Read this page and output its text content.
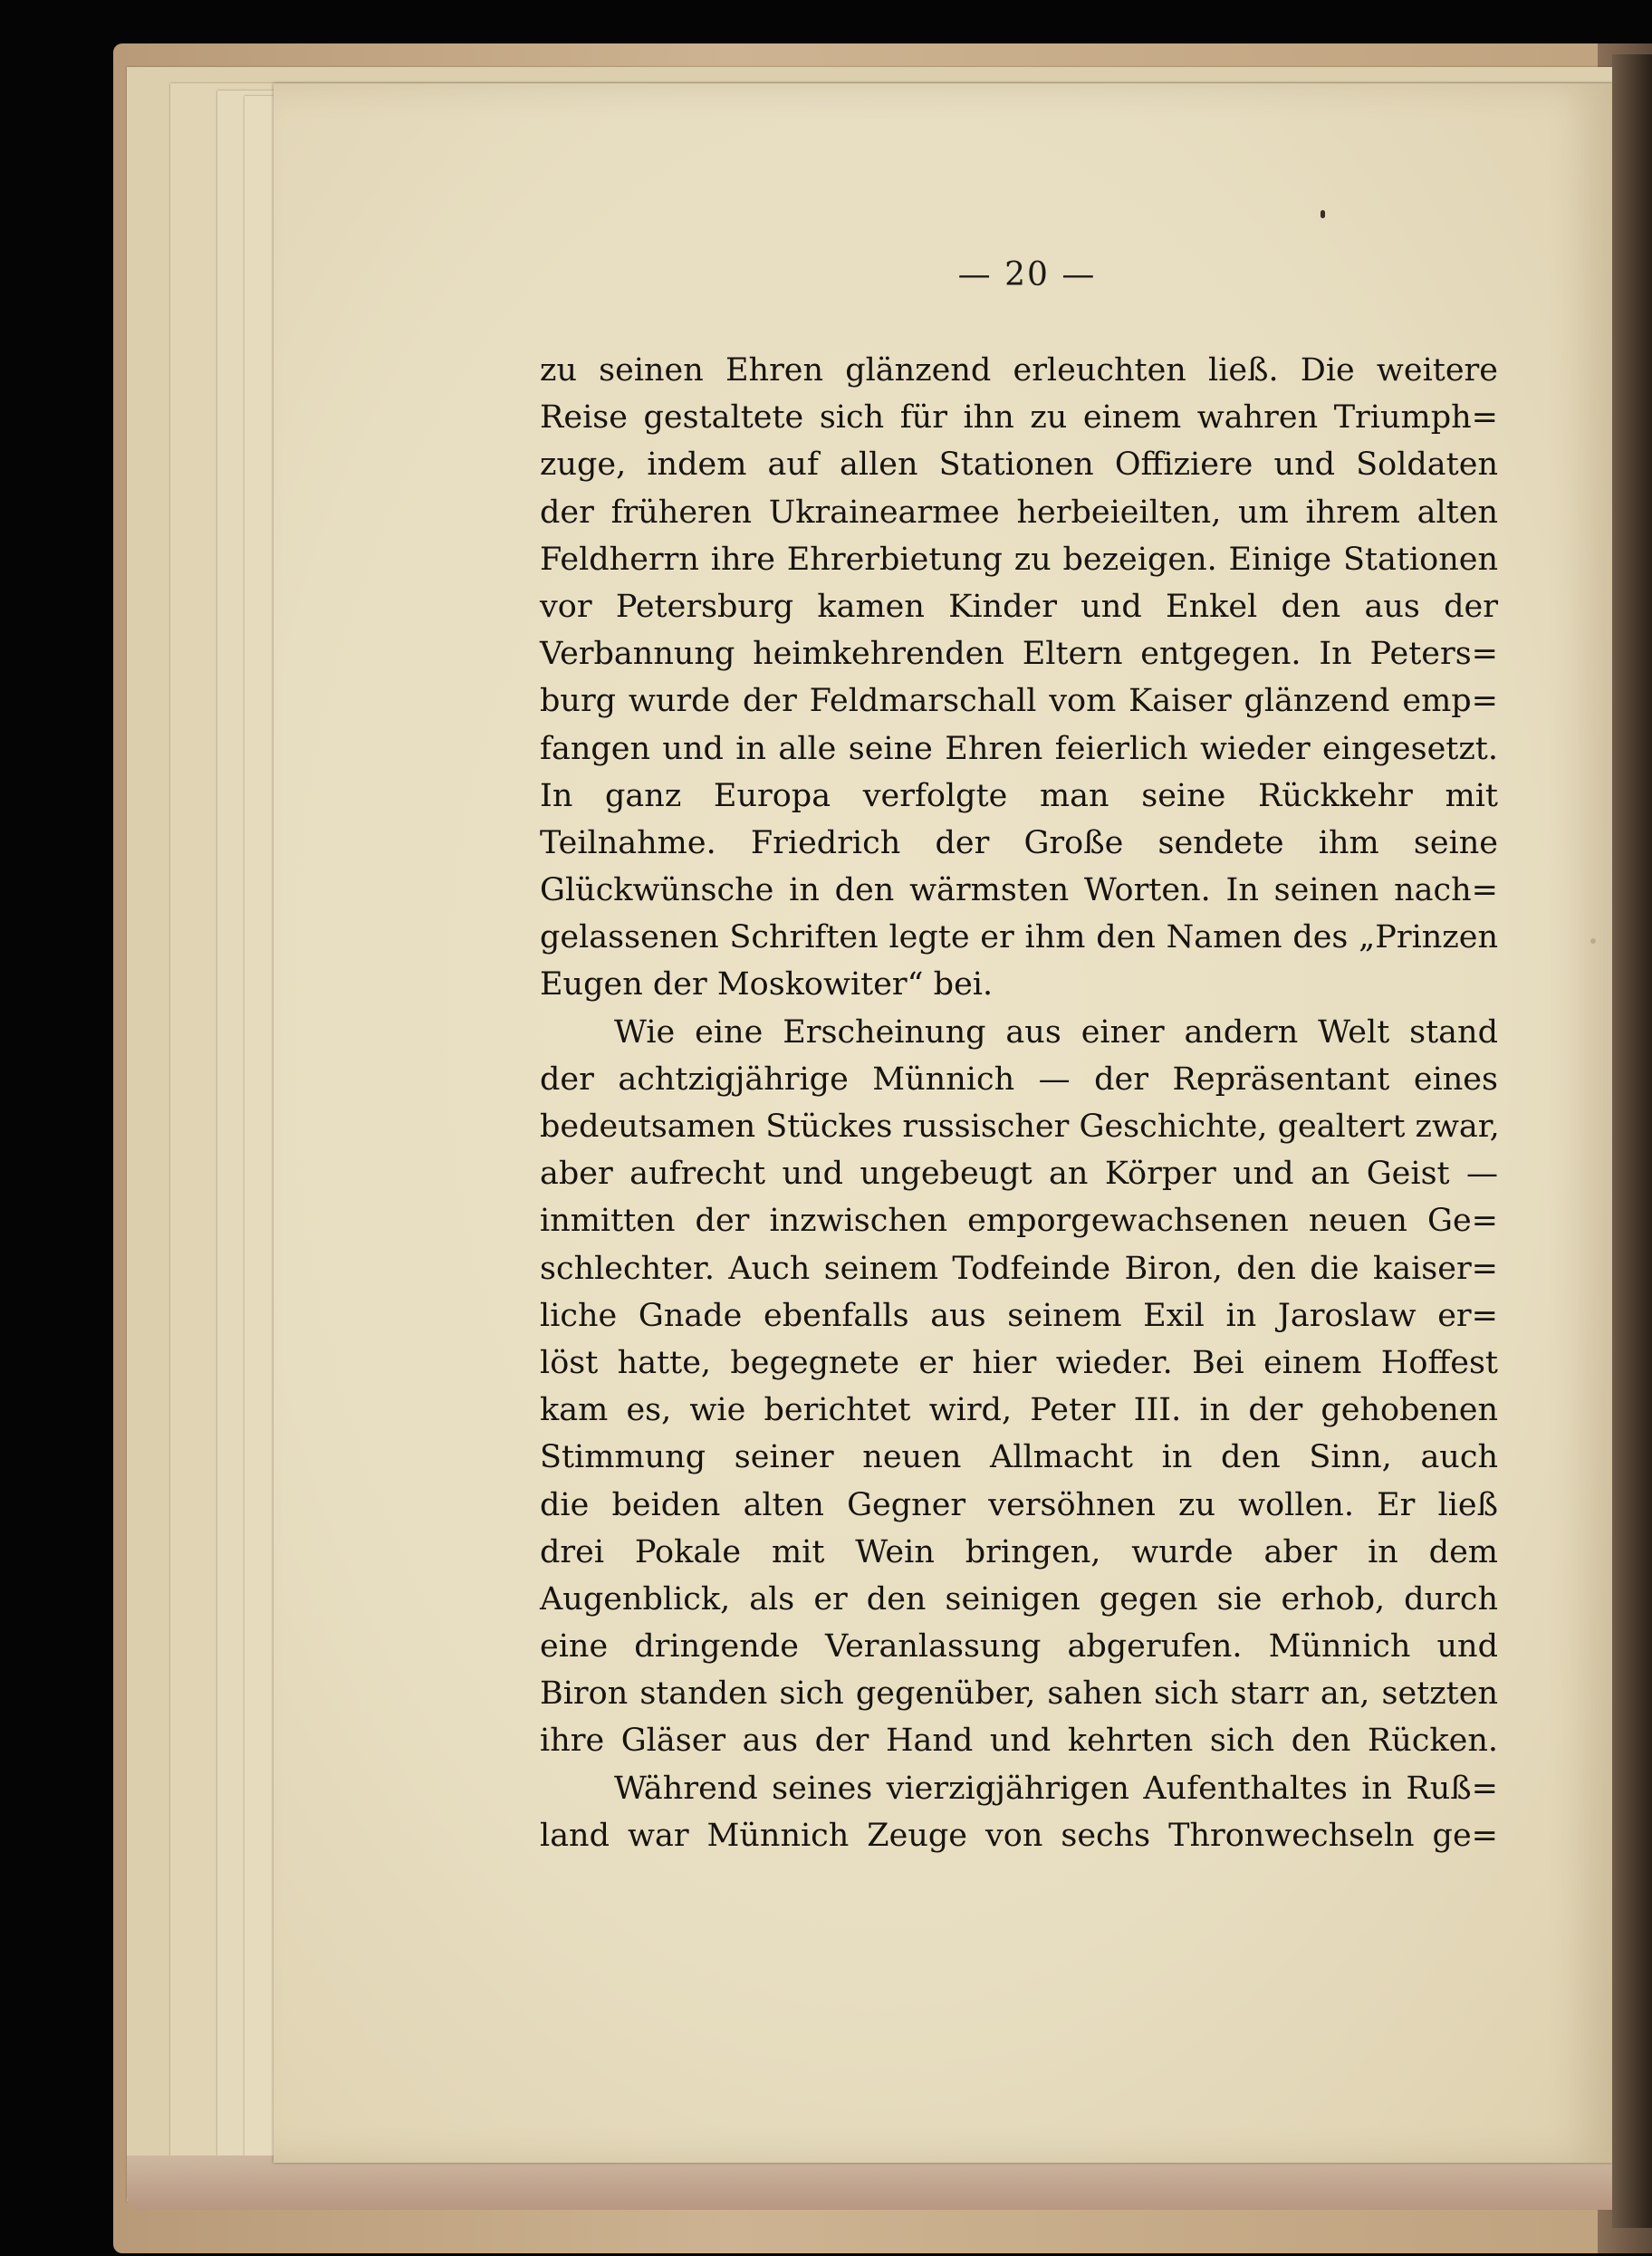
— 20 —
zu seinen Ehren glänzend erleuchten ließ. Die weitere
Reise gestaltete sich für ihn zu einem wahren Triumph=
zuge, indem auf allen Stationen Offiziere und Soldaten
der früheren Ukrainearmee herbeieilten, um ihrem alten
Feldherrn ihre Ehrerbietung zu bezeigen. Einige Stationen
vor Petersburg kamen Kinder und Enkel den aus der
Verbannung heimkehrenden Eltern entgegen. In Peters=
burg wurde der Feldmarschall vom Kaiser glänzend emp=
fangen und in alle seine Ehren feierlich wieder eingesetzt.
In ganz Europa verfolgte man seine Rückkehr mit
Teilnahme. Friedrich der Große sendete ihm seine
Glückwünsche in den wärmsten Worten. In seinen nach=
gelassenen Schriften legte er ihm den Namen des „Prinzen
Eugen der Moskowiter“ bei.
Wie eine Erscheinung aus einer andern Welt stand
der achtzigjährige Münnich — der Repräsentant eines
bedeutsamen Stückes russischer Geschichte, gealtert zwar,
aber aufrecht und ungebeugt an Körper und an Geist —
inmitten der inzwischen emporgewachsenen neuen Ge=
schlechter. Auch seinem Todfeinde Biron, den die kaiser=
liche Gnade ebenfalls aus seinem Exil in Jaroslaw er=
löst hatte, begegnete er hier wieder. Bei einem Hoffest
kam es, wie berichtet wird, Peter III. in der gehobenen
Stimmung seiner neuen Allmacht in den Sinn, auch
die beiden alten Gegner versöhnen zu wollen. Er ließ
drei Pokale mit Wein bringen, wurde aber in dem
Augenblick, als er den seinigen gegen sie erhob, durch
eine dringende Veranlassung abgerufen. Münnich und
Biron standen sich gegenüber, sahen sich starr an, setzten
ihre Gläser aus der Hand und kehrten sich den Rücken.
Während seines vierzigjährigen Aufenthaltes in Ruß=
land war Münnich Zeuge von sechs Thronwechseln ge=
